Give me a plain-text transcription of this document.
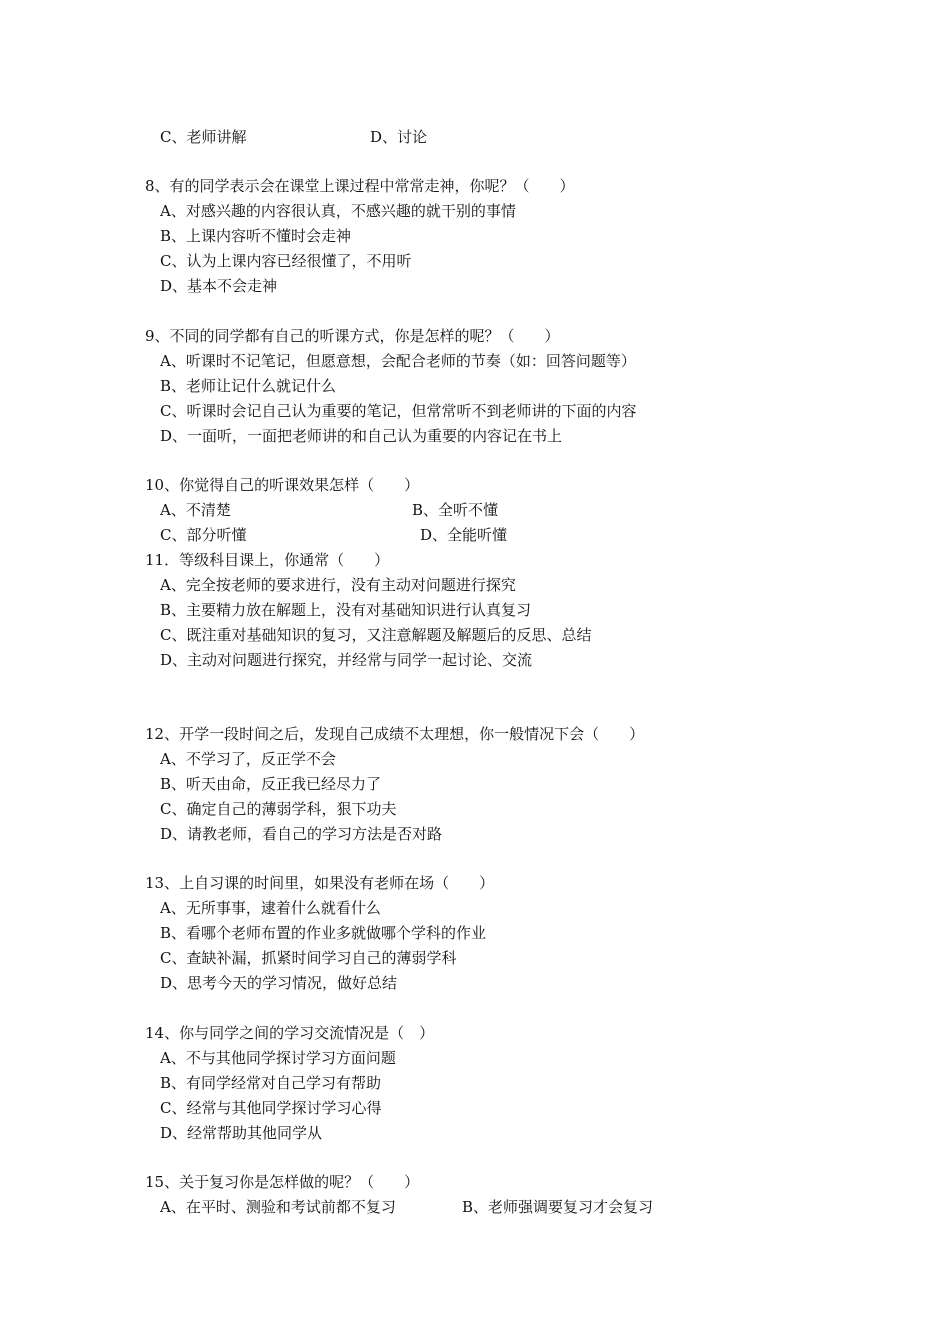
C、老师讲解	D、讨论
8、有的同学表示会在课堂上课过程中常常走神，你呢？（　　）
A、对感兴趣的内容很认真，不感兴趣的就干别的事情
B、上课内容听不懂时会走神
C、认为上课内容已经很懂了，不用听
D、基本不会走神
9、不同的同学都有自己的听课方式，你是怎样的呢？（　　）
A、听课时不记笔记，但愿意想，会配合老师的节奏（如：回答问题等）
B、老师让记什么就记什么
C、听课时会记自己认为重要的笔记，但常常听不到老师讲的下面的内容
D、一面听，一面把老师讲的和自己认为重要的内容记在书上
10、你觉得自己的听课效果怎样（　　）
A、不清楚	B、全听不懂
C、部分听懂	D、全能听懂
11．等级科目课上，你通常（　　）
A、完全按老师的要求进行，没有主动对问题进行探究
B、主要精力放在解题上，没有对基础知识进行认真复习
C、既注重对基础知识的复习，又注意解题及解题后的反思、总结
D、主动对问题进行探究，并经常与同学一起讨论、交流
12、开学一段时间之后，发现自己成绩不太理想，你一般情况下会（　　）
A、不学习了，反正学不会
B、听天由命，反正我已经尽力了
C、确定自己的薄弱学科，狠下功夫
D、请教老师，看自己的学习方法是否对路
13、上自习课的时间里，如果没有老师在场（　　）
A、无所事事，逮着什么就看什么
B、看哪个老师布置的作业多就做哪个学科的作业
C、查缺补漏，抓紧时间学习自己的薄弱学科
D、思考今天的学习情况，做好总结
14、你与同学之间的学习交流情况是（　）
A、不与其他同学探讨学习方面问题
B、有同学经常对自己学习有帮助
C、经常与其他同学探讨学习心得
D、经常帮助其他同学从
15、关于复习你是怎样做的呢？（　　）
A、在平时、测验和考试前都不复习	B、老师强调要复习才会复习
